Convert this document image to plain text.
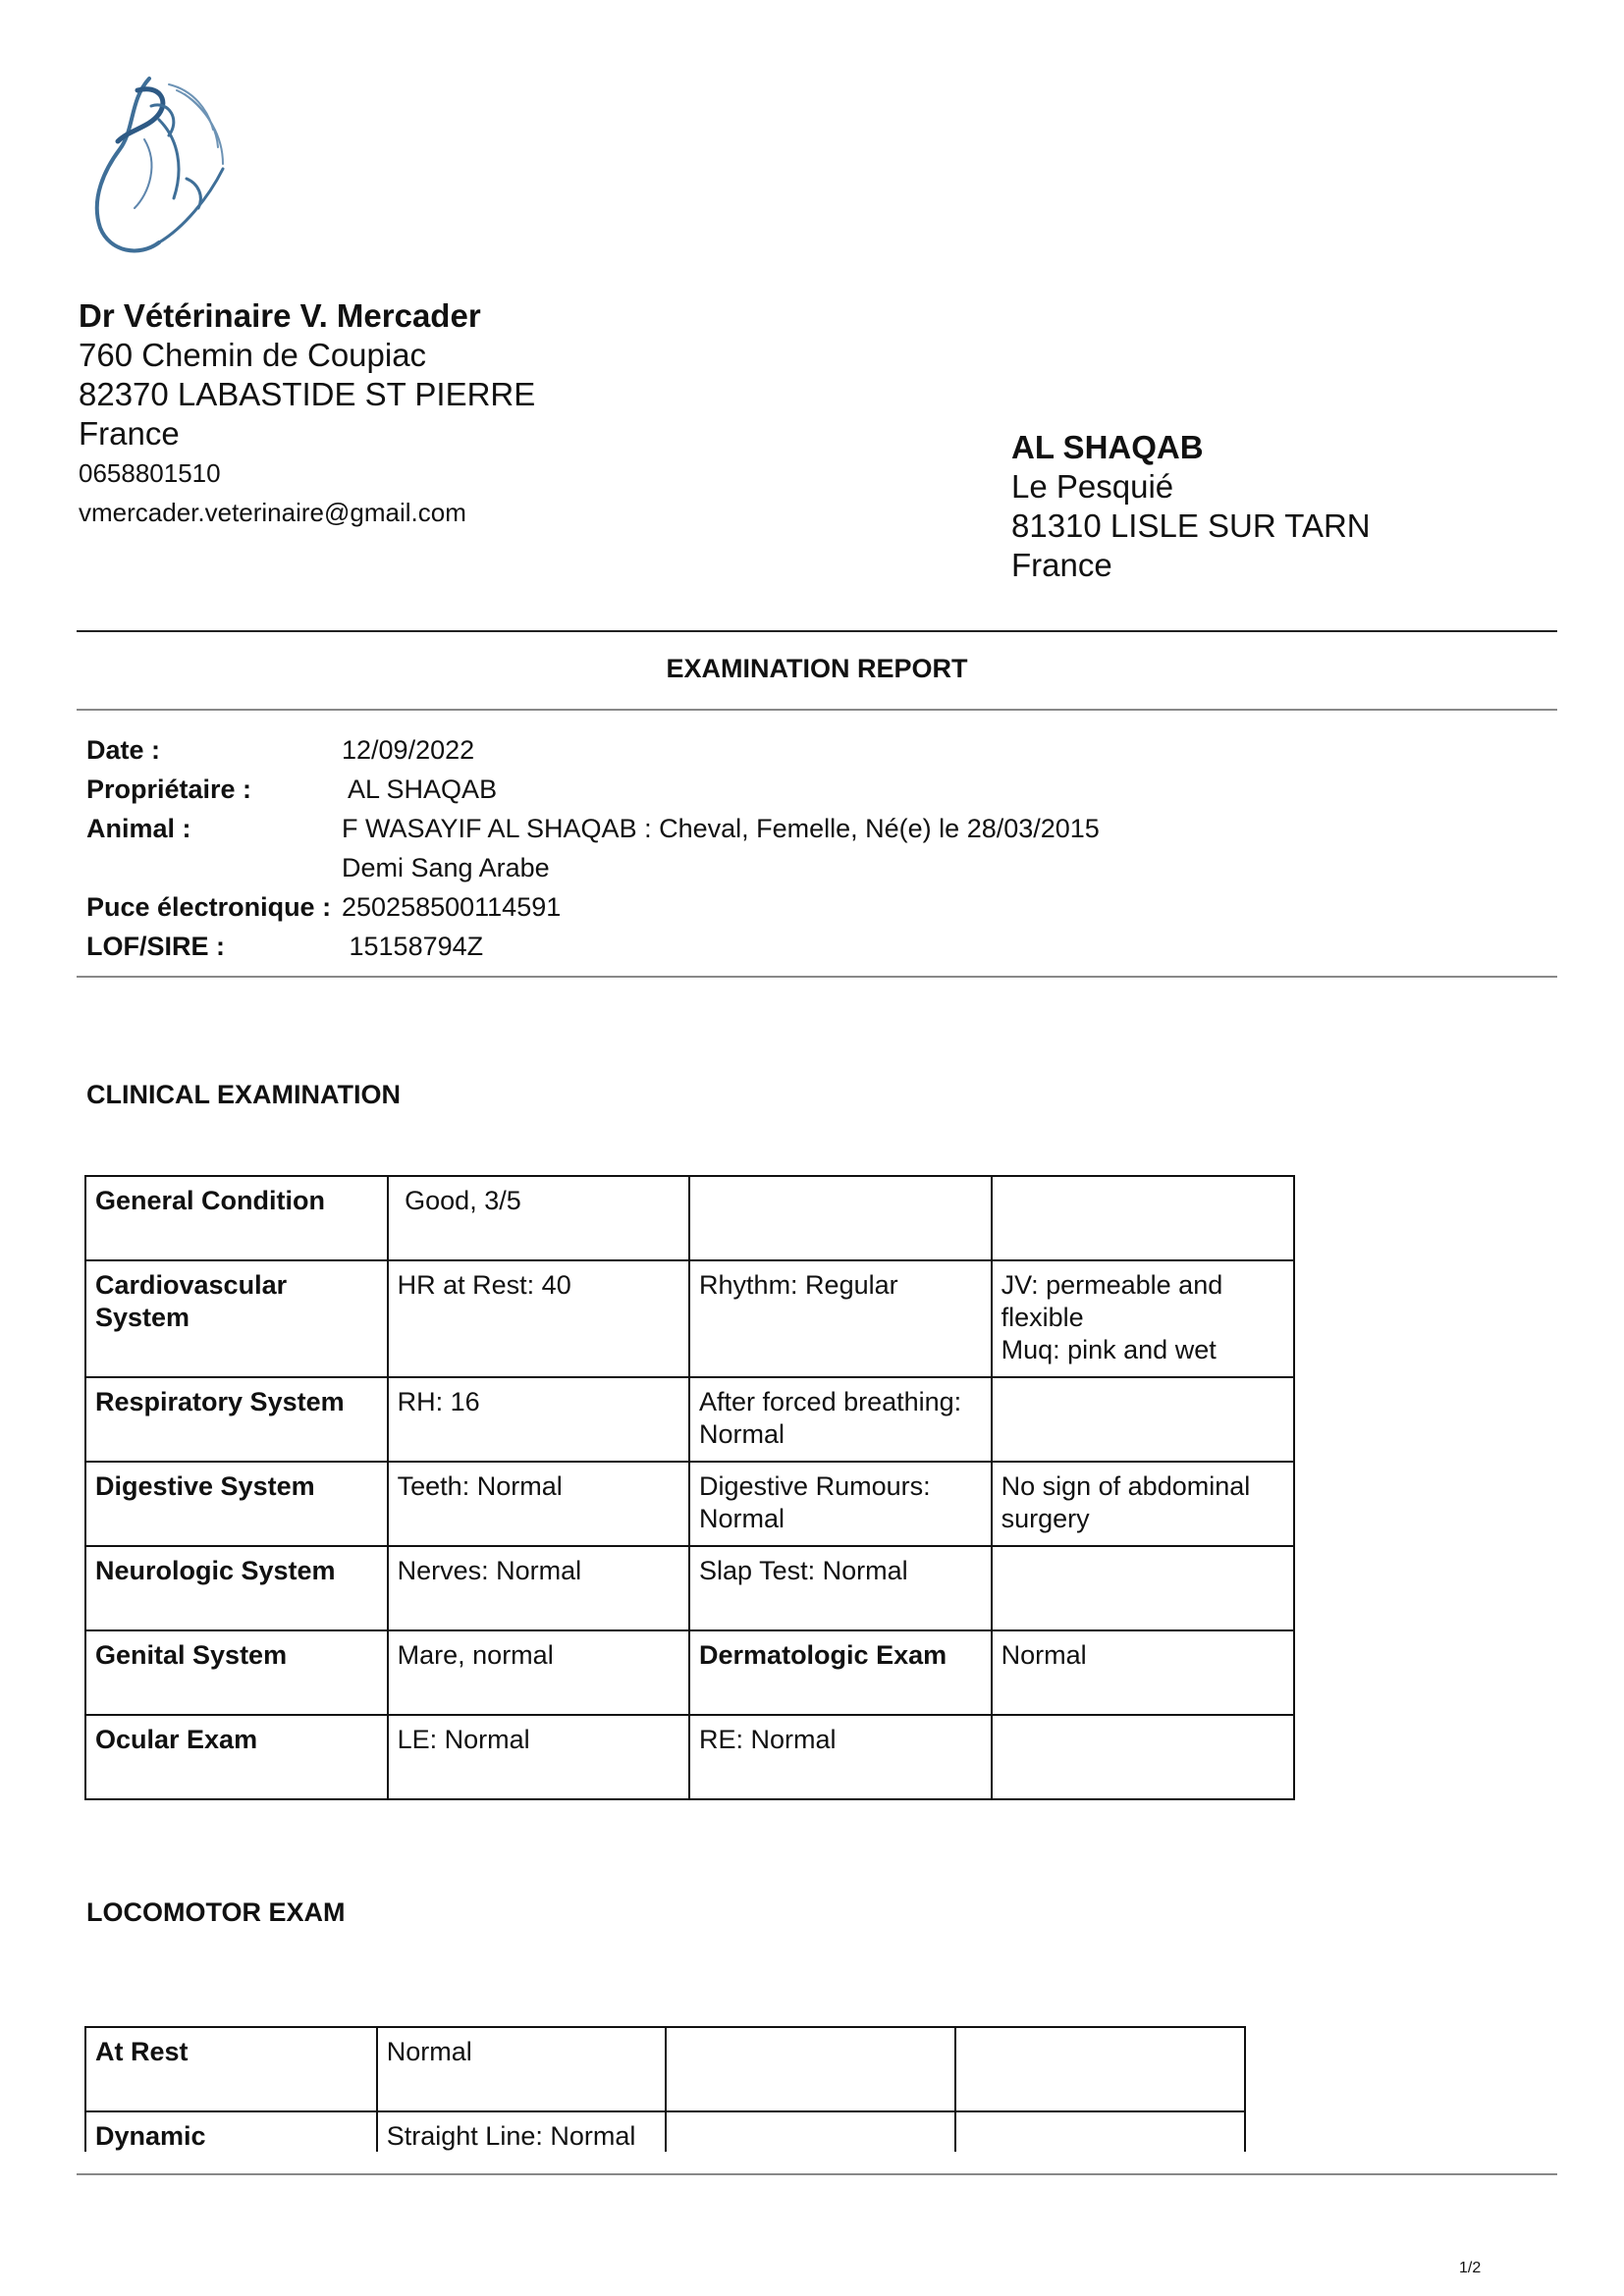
Dr Vétérinaire V. Mercader
760 Chemin de Coupiac
82370 LABASTIDE ST PIERRE
France
0658801510
vmercader.veterinaire@gmail.com
AL SHAQAB
Le Pesquié
81310 LISLE SUR TARN
France
EXAMINATION REPORT
Date :	12/09/2022
Propriétaire :	AL SHAQAB
Animal :	F WASAYIF AL SHAQAB : Cheval, Femelle, Né(e) le 28/03/2015
Demi Sang Arabe
Puce électronique : 250258500114591
LOF/SIRE :	15158794Z
CLINICAL EXAMINATION
General Condition	Good, 3/5		
Cardiovascular
System	HR at Rest: 40	Rhythm: Regular	JV: permeable and
flexible
Muq: pink and wet
Respiratory System	RH: 16	After forced breathing:
Normal	
Digestive System	Teeth: Normal	Digestive Rumours:
Normal	No sign of abdominal
surgery
Neurologic System	Nerves: Normal	Slap Test: Normal	
Genital System	Mare, normal	Dermatologic Exam	Normal
Ocular Exam	LE: Normal	RE: Normal	
LOCOMOTOR EXAM
At Rest	Normal		
Dynamic	Straight Line: Normal		
1/2
